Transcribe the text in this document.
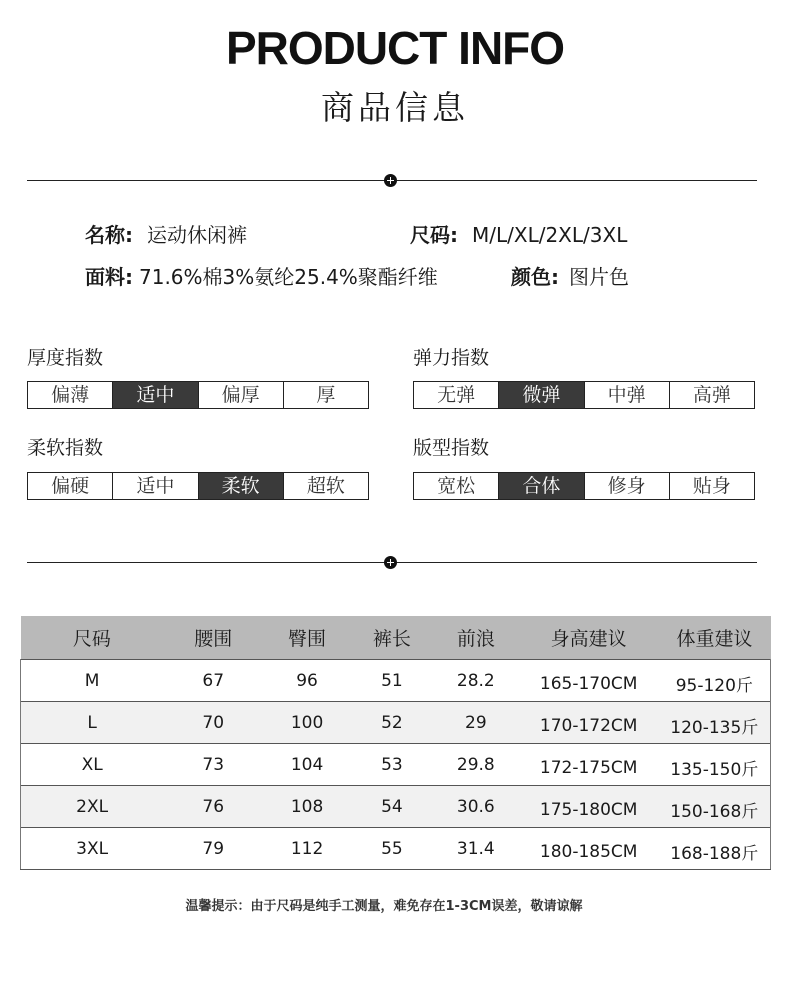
PRODUCT INFO
商品信息
名称: 运动休闲裤	尺码: M/L/XL/2XL/3XL
面料: 71.6%棉3%氨纶25.4%聚酯纤维	颜色: 图片色
厚度指数
偏薄	适中	偏厚	厚
弹力指数
无弹	微弹	中弹	高弹
柔软指数
偏硬	适中	柔软	超软
版型指数
宽松	合体	修身	贴身
尺码	腰围	臀围	裤长	前浪	身高建议	体重建议
M	67	96	51	28.2	165-170CM	95-120斤
L	70	100	52	29	170-172CM	120-135斤
XL	73	104	53	29.8	172-175CM	135-150斤
2XL	76	108	54	30.6	175-180CM	150-168斤
3XL	79	112	55	31.4	180-185CM	168-188斤
温馨提示：由于尺码是纯手工测量，难免存在1-3CM误差，敬请谅解
